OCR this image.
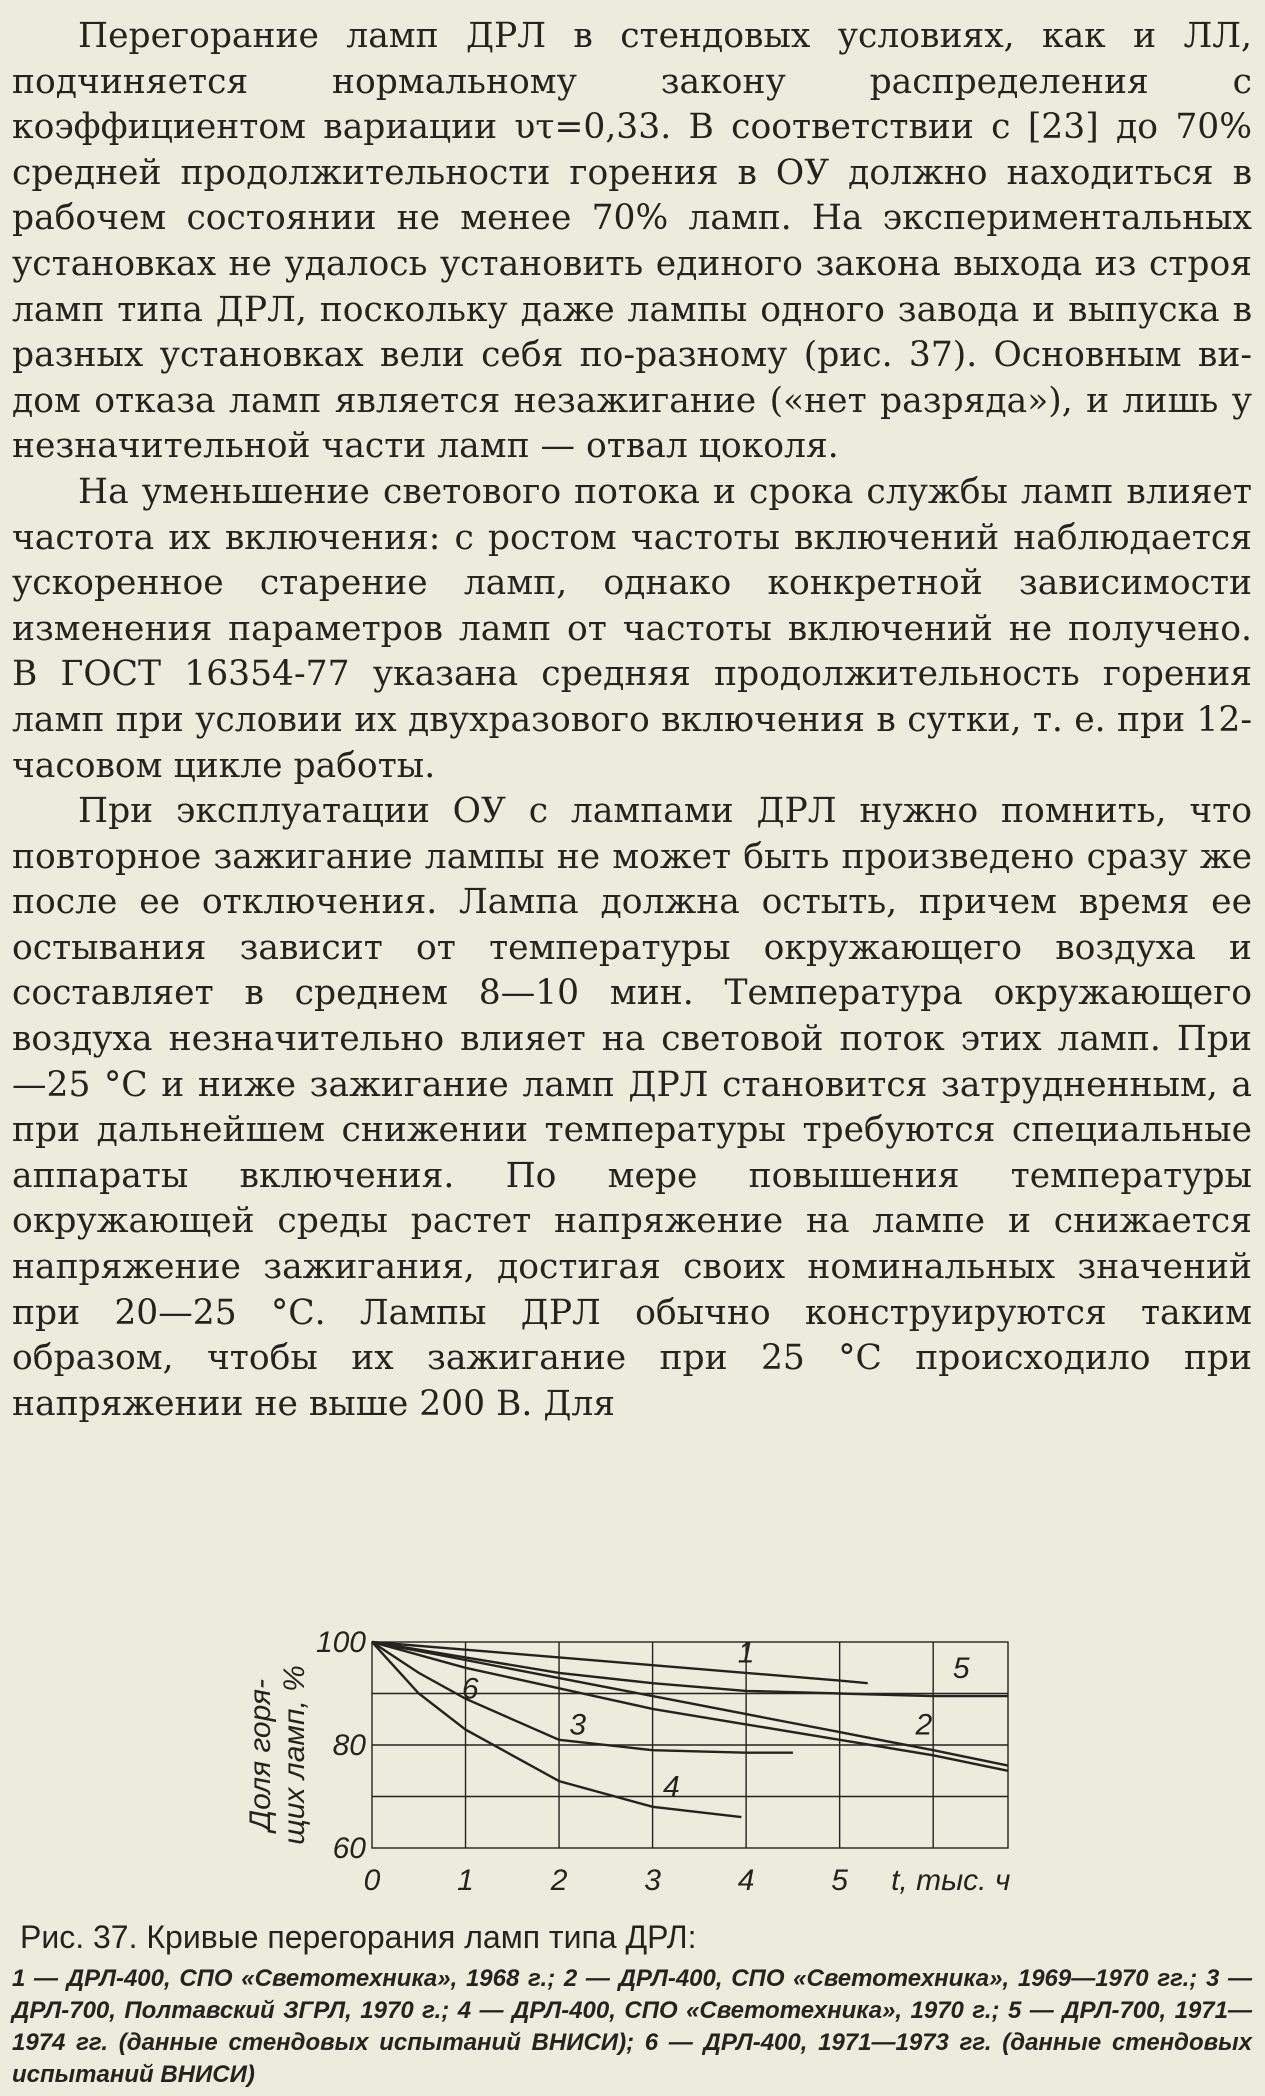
Перегорание ламп ДРЛ в стендовых условиях, как и ЛЛ, подчиняется нормальному закону распределения с коэффициентом вариации υτ=0,33. В соответствии с [23] до 70% средней продолжительности горения в ОУ должно находиться в рабочем состоянии не менее 70% ламп. На экспериментальных установках не удалось установить единого закона выхода из строя ламп типа ДРЛ, поскольку даже лампы одного завода и выпуска в разных установках вели себя по-разному (рис. 37). Основным видом отказа ламп является незажигание («нет разряда»), и лишь у незначительной части ламп — отвал цоколя.

На уменьшение светового потока и срока службы ламп влияет частота их включения: с ростом частоты включений наблюдается ускоренное старение ламп, однако конкретной зависимости изменения параметров ламп от частоты включений не получено. В ГОСТ 16354-77 указана средняя продолжительность горения ламп при условии их двухразового включения в сутки, т. е. при 12-часовом цикле работы.

При эксплуатации ОУ с лампами ДРЛ нужно помнить, что повторное зажигание лампы не может быть произведено сразу же после ее отключения. Лампа должна остыть, причем время ее остывания зависит от температуры окружающего воздуха и составляет в среднем 8—10 мин. Температура окружающего воздуха незначительно влияет на световой поток этих ламп. При —25 °С и ниже зажигание ламп ДРЛ становится затрудненным, а при дальнейшем снижении температуры требуются специальные аппараты включения. По мере повышения температуры окружающей среды растет напряжение на лампе и снижается напряжение зажигания, достигая своих номинальных значений при 20—25 °С. Лампы ДРЛ обычно конструируются таким образом, чтобы их зажигание при 25 °С происходило при напряжении не выше 200 В. Для

0	1	2	3	4	5 t, тыс. ч
100
80
60
Доля горя- щих ламп, %
1
2
3
4
5
6

Рис. 37. Кривые перегорания ламп типа ДРЛ:

1 — ДРЛ-400, СПО «Светотехника», 1968 г.; 2 — ДРЛ-400, СПО «Светотехника», 1969—1970 гг.; 3 — ДРЛ-700, Полтавский ЗГРЛ, 1970 г.; 4 — ДРЛ-400, СПО «Светотехника», 1970 г.; 5 — ДРЛ-700, 1971—1974 гг. (данные стендовых испытаний ВНИСИ); 6 — ДРЛ-400, 1971—1973 гг. (данные стендовых испытаний ВНИСИ)
